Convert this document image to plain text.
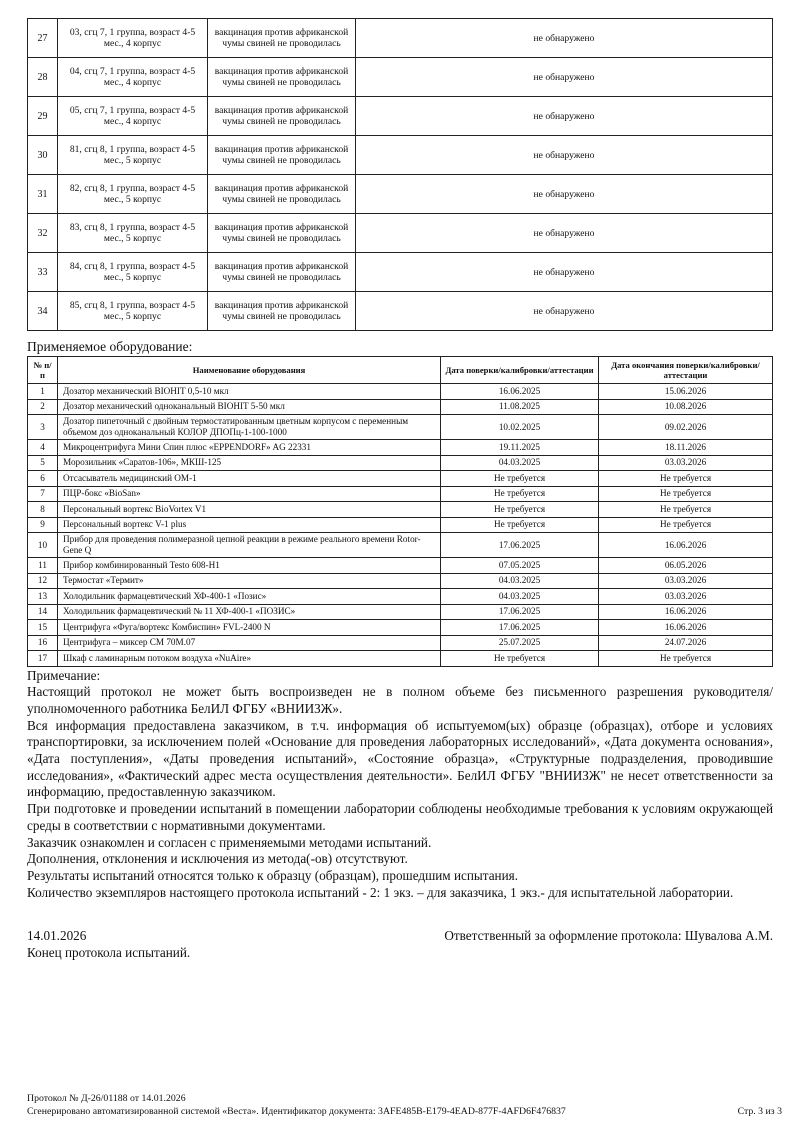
27	03, сгц 7, 1 группа, возраст 4-5 мес., 4 корпус	вакцинация против африканской чумы свиней не проводилась	не обнаружено
28	04, сгц 7, 1 группа, возраст 4-5 мес., 4 корпус	вакцинация против африканской чумы свиней не проводилась	не обнаружено
29	05, сгц 7, 1 группа, возраст 4-5 мес., 4 корпус	вакцинация против африканской чумы свиней не проводилась	не обнаружено
30	81, сгц 8, 1 группа, возраст 4-5 мес., 5 корпус	вакцинация против африканской чумы свиней не проводилась	не обнаружено
31	82, сгц 8, 1 группа, возраст 4-5 мес., 5 корпус	вакцинация против африканской чумы свиней не проводилась	не обнаружено
32	83, сгц 8, 1 группа, возраст 4-5 мес., 5 корпус	вакцинация против африканской чумы свиней не проводилась	не обнаружено
33	84, сгц 8, 1 группа, возраст 4-5 мес., 5 корпус	вакцинация против африканской чумы свиней не проводилась	не обнаружено
34	85, сгц 8, 1 группа, возраст 4-5 мес., 5 корпус	вакцинация против африканской чумы свиней не проводилась	не обнаружено
Применяемое оборудование:
№ п/п	Наименование оборудования	Дата поверки/калибровки/аттестации	Дата окончания поверки/калибровки/аттестации
1	Дозатор механический BIOHIT 0,5-10 мкл	16.06.2025	15.06.2026
2	Дозатор механический одноканальный BIOHIT 5-50 мкл	11.08.2025	10.08.2026
3	Дозатор пипеточный с двойным термостатированным цветным корпусом с переменным объемом доз одноканальный КОЛОР ДПОПц-1-100-1000	10.02.2025	09.02.2026
4	Микроцентрифуга Мини Спин плюс «EPPENDORF» AG 22331	19.11.2025	18.11.2026
5	Морозильник «Саратов-106», МКШ-125	04.03.2025	03.03.2026
6	Отсасыватель медицинский ОМ-1	Не требуется	Не требуется
7	ПЦР-бокс «BioSan»	Не требуется	Не требуется
8	Персональный вортекс BioVortex V1	Не требуется	Не требуется
9	Персональный вортекс V-1 plus	Не требуется	Не требуется
10	Прибор для проведения полимеразной цепной реакции в режиме реального времени Rotor-Gene Q	17.06.2025	16.06.2026
11	Прибор комбинированный Testo 608-H1	07.05.2025	06.05.2026
12	Термостат «Термит»	04.03.2025	03.03.2026
13	Холодильник фармацевтический ХФ-400-1 «Позис»	04.03.2025	03.03.2026
14	Холодильник фармацевтический № 11 ХФ-400-1 «ПОЗИС»	17.06.2025	16.06.2026
15	Центрифуга «Фуга/вортекс Комбиспин» FVL-2400 N	17.06.2025	16.06.2026
16	Центрифуга – миксер СМ 70М.07	25.07.2025	24.07.2026
17	Шкаф с ламинарным потоком воздуха «NuAire»	Не требуется	Не требуется

Примечание:

Настоящий протокол не может быть воспроизведен не в полном объеме без письменного разрешения руководителя/уполномоченного работника БелИЛ ФГБУ «ВНИИЗЖ».

Вся информация предоставлена заказчиком, в т.ч. информация об испытуемом(ых) образце (образцах), отборе и условиях транспортировки, за исключением полей «Основание для проведения лабораторных исследований», «Дата документа основания», «Дата поступления», «Даты проведения испытаний», «Состояние образца», «Структурные подразделения, проводившие исследования», «Фактический адрес места осуществления деятельности». БелИЛ ФГБУ "ВНИИЗЖ" не несет ответственности за информацию, предоставленную заказчиком.

При подготовке и проведении испытаний в помещении лаборатории соблюдены необходимые требования к условиям окружающей среды в соответствии с нормативными документами.

Заказчик ознакомлен и согласен с применяемыми методами испытаний.

Дополнения, отклонения и исключения из метода(-ов) отсутствуют.

Результаты испытаний относятся только к образцу (образцам), прошедшим испытания.

Количество экземпляров настоящего протокола испытаний - 2: 1 экз. – для заказчика, 1 экз.- для испытательной лаборатории.

14.01.2026	Ответственный за оформление протокола: Шувалова А.М.
Конец протокола испытаний.
Протокол № Д-26/01188 от 14.01.2026
Сгенерировано автоматизированной системой «Веста». Идентификатор документа: 3AFE485B-E179-4EAD-877F-4AFD6F476837	Стр. 3 из 3
